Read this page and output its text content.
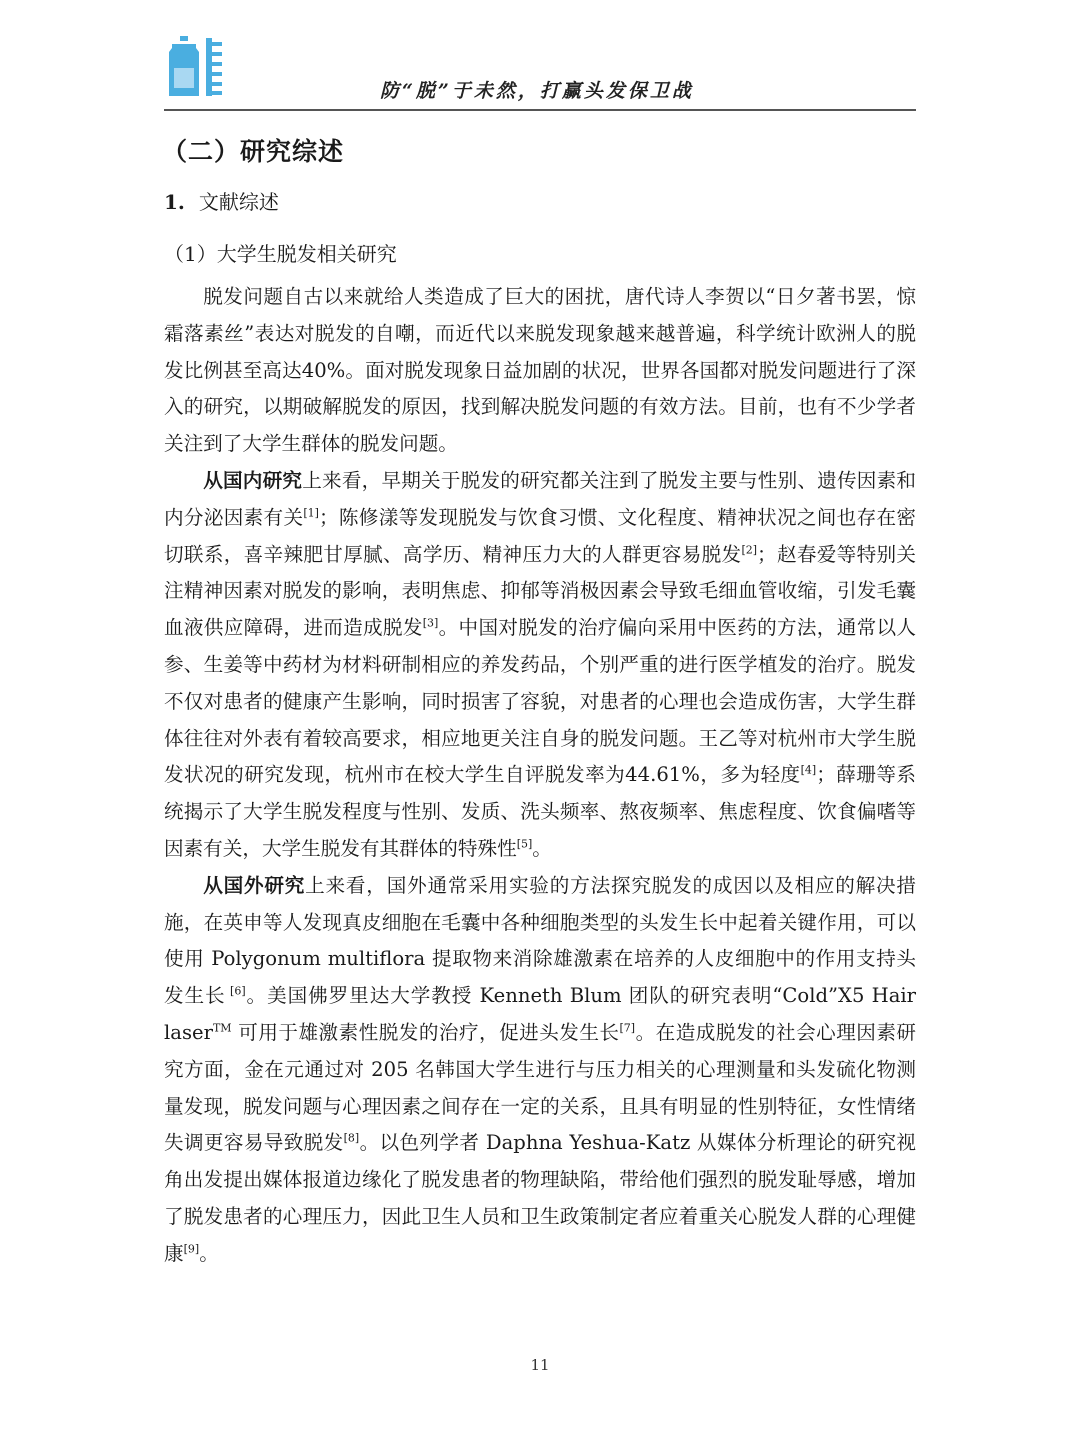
防“脱”于未然，打赢头发保卫战
（二）研究综述
1. 文献综述
（1）大学生脱发相关研究

脱发问题自古以来就给人类造成了巨大的困扰，唐代诗人李贺以“日夕著书罢，惊霜落素丝”表达对脱发的自嘲，而近代以来脱发现象越来越普遍，科学统计欧洲人的脱发比例甚至高达40%。面对脱发现象日益加剧的状况，世界各国都对脱发问题进行了深入的研究，以期破解脱发的原因，找到解决脱发问题的有效方法。目前，也有不少学者关注到了大学生群体的脱发问题。

从国内研究上来看，早期关于脱发的研究都关注到了脱发主要与性别、遗传因素和内分泌因素有关[1]；陈修漾等发现脱发与饮食习惯、文化程度、精神状况之间也存在密切联系，喜辛辣肥甘厚腻、高学历、精神压力大的人群更容易脱发[2]；赵春爱等特别关注精神因素对脱发的影响，表明焦虑、抑郁等消极因素会导致毛细血管收缩，引发毛囊血液供应障碍，进而造成脱发[3]。中国对脱发的治疗偏向采用中医药的方法，通常以人参、生姜等中药材为材料研制相应的养发药品，个别严重的进行医学植发的治疗。脱发不仅对患者的健康产生影响，同时损害了容貌，对患者的心理也会造成伤害，大学生群体往往对外表有着较高要求，相应地更关注自身的脱发问题。王乙等对杭州市大学生脱发状况的研究发现，杭州市在校大学生自评脱发率为44.61%，多为轻度[4]；薛珊等系统揭示了大学生脱发程度与性别、发质、洗头频率、熬夜频率、焦虑程度、饮食偏嗜等因素有关，大学生脱发有其群体的特殊性[5]。

从国外研究上来看，国外通常采用实验的方法探究脱发的成因以及相应的解决措施，在英申等人发现真皮细胞在毛囊中各种细胞类型的头发生长中起着关键作用，可以使用 Polygonum multiflora 提取物来消除雄激素在培养的人皮细胞中的作用支持头发生长 [6]。美国佛罗里达大学教授 Kenneth Blum 团队的研究表明“Cold”X5 Hair laser™ 可用于雄激素性脱发的治疗，促进头发生长[7]。在造成脱发的社会心理因素研究方面，金在元通过对 205 名韩国大学生进行与压力相关的心理测量和头发硫化物测量发现，脱发问题与心理因素之间存在一定的关系，且具有明显的性别特征，女性情绪失调更容易导致脱发[8]。以色列学者 Daphna Yeshua-Katz 从媒体分析理论的研究视角出发提出媒体报道边缘化了脱发患者的物理缺陷，带给他们强烈的脱发耻辱感，增加了脱发患者的心理压力，因此卫生人员和卫生政策制定者应着重关心脱发人群的心理健康[9]。

11
